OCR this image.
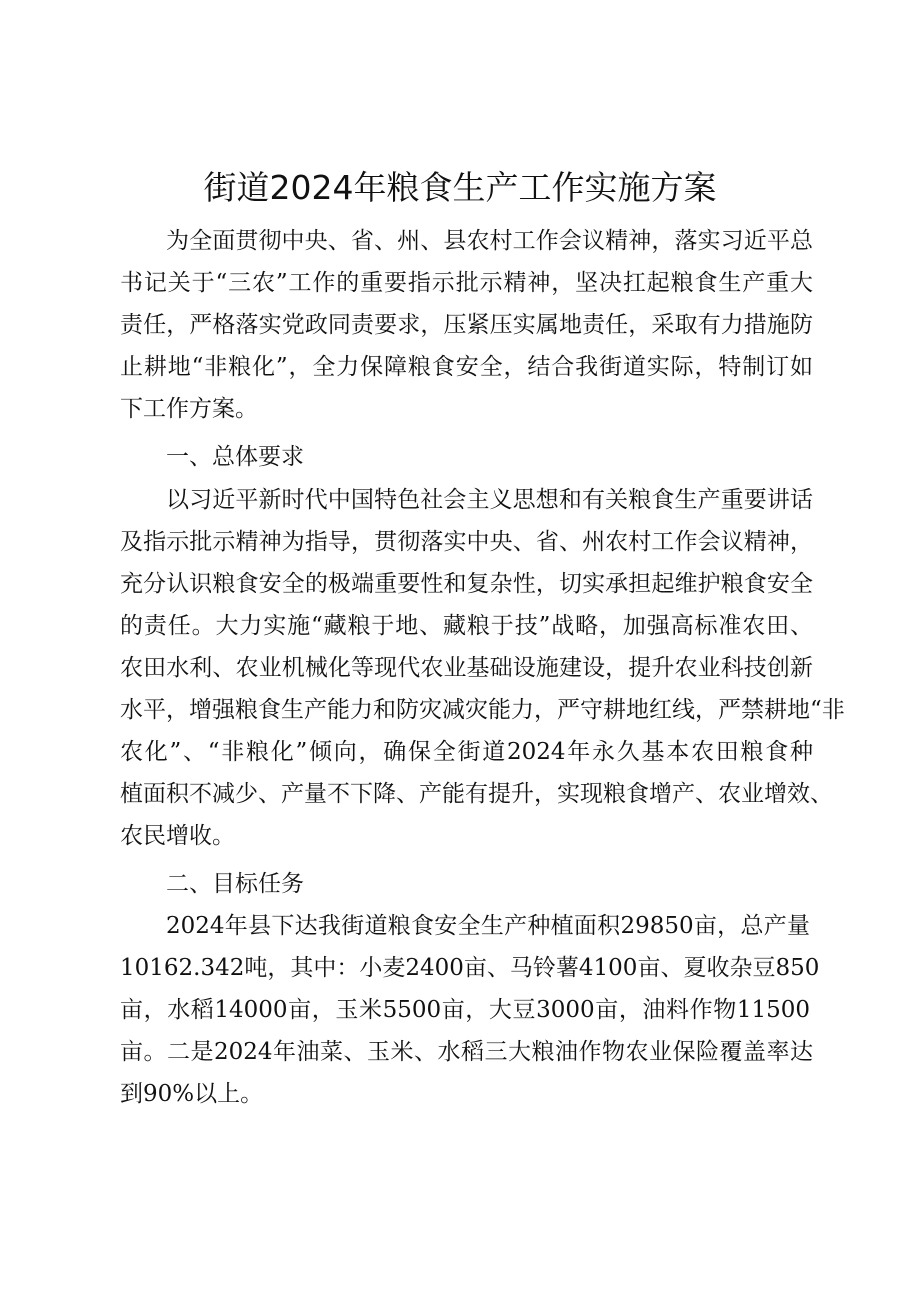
街道2024年粮食生产工作实施方案
为全面贯彻中央、省、州、县农村工作会议精神，落实习近平总
书记关于“三农”工作的重要指示批示精神，坚决扛起粮食生产重大
责任，严格落实党政同责要求，压紧压实属地责任，采取有力措施防
止耕地“非粮化”，全力保障粮食安全，结合我街道实际，特制订如
下工作方案。
一、总体要求
以习近平新时代中国特色社会主义思想和有关粮食生产重要讲话
及指示批示精神为指导，贯彻落实中央、省、州农村工作会议精神，
充分认识粮食安全的极端重要性和复杂性，切实承担起维护粮食安全
的责任。大力实施“藏粮于地、藏粮于技”战略，加强高标准农田、
农田水利、农业机械化等现代农业基础设施建设，提升农业科技创新
水平，增强粮食生产能力和防灾减灾能力，严守耕地红线，严禁耕地“非
农化”、“非粮化”倾向，确保全街道2024年永久基本农田粮食种
植面积不减少、产量不下降、产能有提升，实现粮食增产、农业增效、
农民增收。
二、目标任务
2024年县下达我街道粮食安全生产种植面积29850亩，总产量
10162.342吨，其中：小麦2400亩、马铃薯4100亩、夏收杂豆850
亩，水稻14000亩，玉米5500亩，大豆3000亩，油料作物11500
亩。二是2024年油菜、玉米、水稻三大粮油作物农业保险覆盖率达
到90%以上。
